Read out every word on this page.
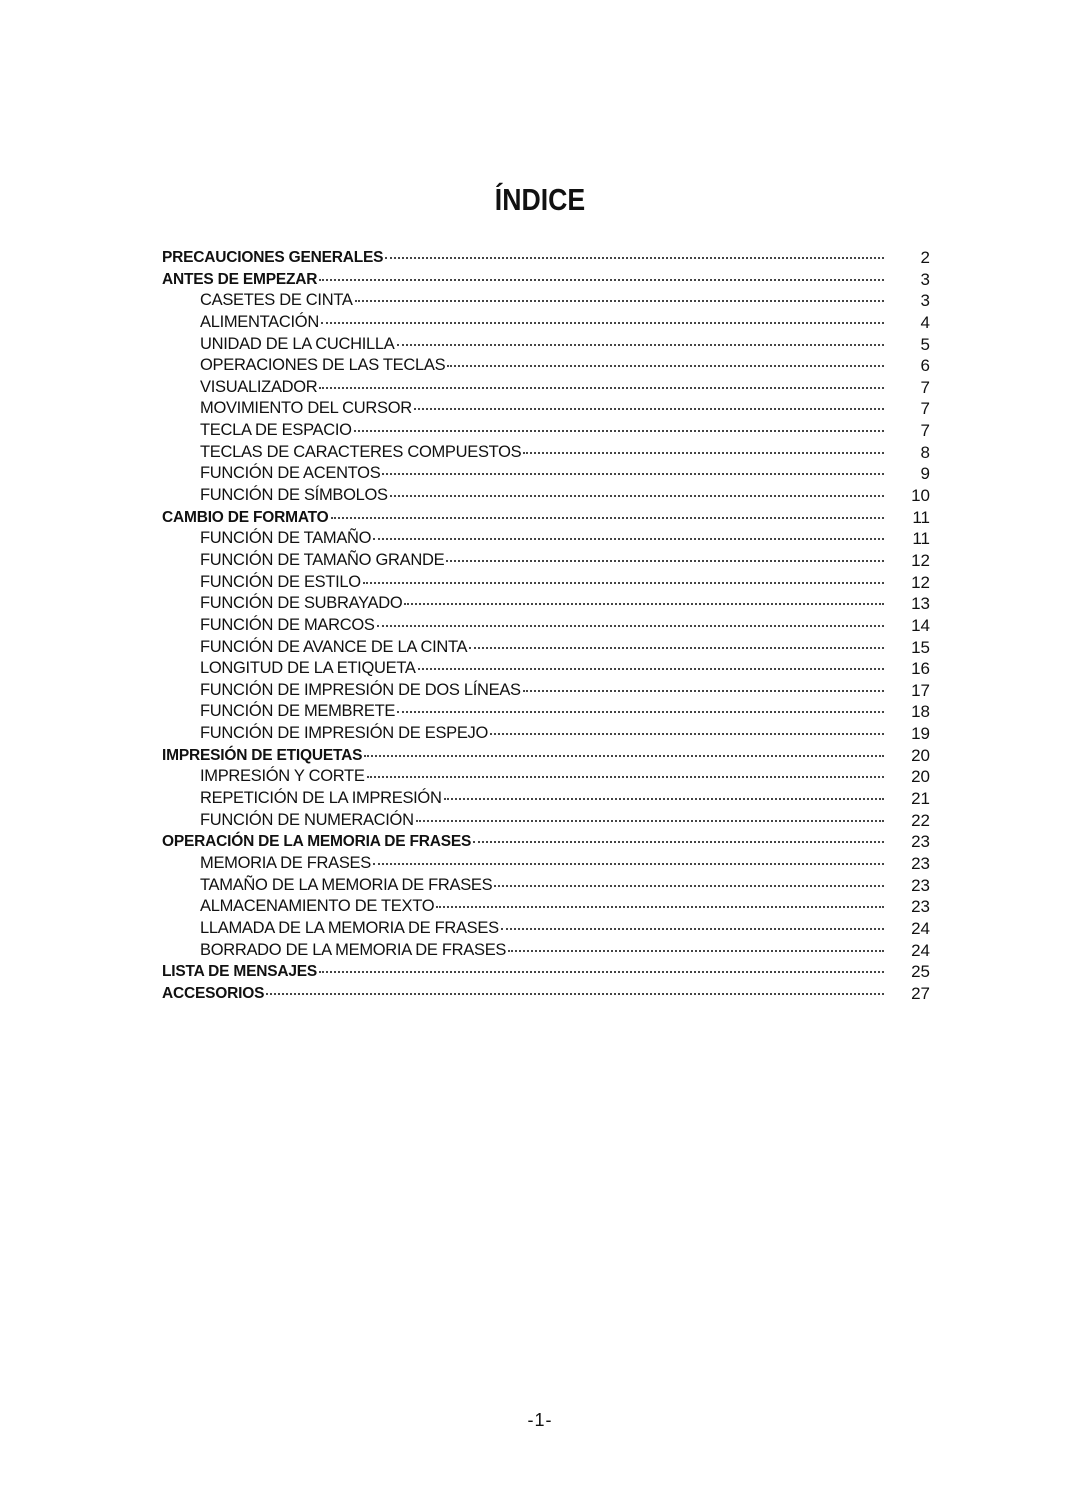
ÍNDICE
PRECAUCIONES GENERALES	2
ANTES DE EMPEZAR	3
CASETES DE CINTA	3
ALIMENTACIÓN	4
UNIDAD DE LA CUCHILLA	5
OPERACIONES DE LAS TECLAS	6
VISUALIZADOR	7
MOVIMIENTO DEL CURSOR	7
TECLA DE ESPACIO	7
TECLAS DE CARACTERES COMPUESTOS	8
FUNCIÓN DE ACENTOS	9
FUNCIÓN DE SÍMBOLOS	10
CAMBIO DE FORMATO	11
FUNCIÓN DE TAMAÑO	11
FUNCIÓN DE TAMAÑO GRANDE	12
FUNCIÓN DE ESTILO	12
FUNCIÓN DE SUBRAYADO	13
FUNCIÓN DE MARCOS	14
FUNCIÓN DE AVANCE DE LA CINTA	15
LONGITUD DE LA ETIQUETA	16
FUNCIÓN DE IMPRESIÓN DE DOS LÍNEAS	17
FUNCIÓN DE MEMBRETE	18
FUNCIÓN DE IMPRESIÓN DE ESPEJO	19
IMPRESIÓN DE ETIQUETAS	20
IMPRESIÓN Y CORTE	20
REPETICIÓN DE LA IMPRESIÓN	21
FUNCIÓN DE NUMERACIÓN	22
OPERACIÓN DE LA MEMORIA DE FRASES	23
MEMORIA DE FRASES	23
TAMAÑO DE LA MEMORIA DE FRASES	23
ALMACENAMIENTO DE TEXTO	23
LLAMADA DE LA MEMORIA DE FRASES	24
BORRADO DE LA MEMORIA DE FRASES	24
LISTA DE MENSAJES	25
ACCESORIOS	27
-1-
